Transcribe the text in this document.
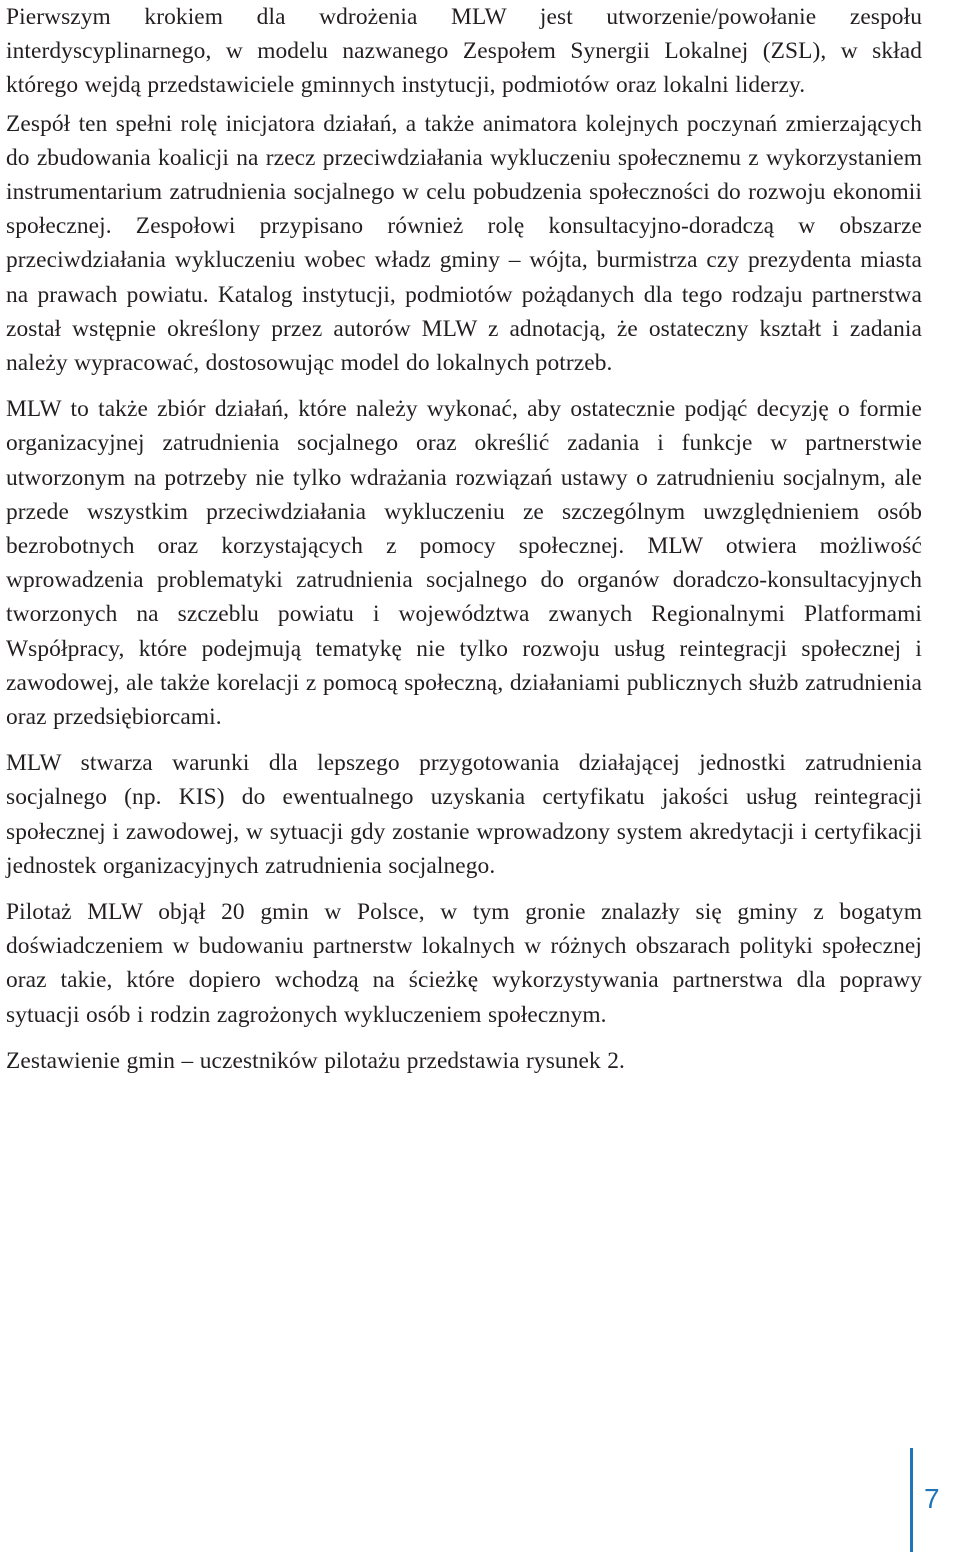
Pierwszym krokiem dla wdrożenia MLW jest utworzenie/powołanie zespołu interdyscyplinarnego, w modelu nazwanego Zespołem Synergii Lokalnej (ZSL), w skład którego wejdą przedstawiciele gminnych instytucji, podmiotów oraz lokalni liderzy.

Zespół ten spełni rolę inicjatora działań, a także animatora kolejnych poczynań zmierzających do zbudowania koalicji na rzecz przeciwdziałania wykluczeniu społecznemu z wykorzystaniem instrumentarium zatrudnienia socjalnego w celu pobudzenia społeczności do rozwoju ekonomii społecznej. Zespołowi przypisano również rolę konsultacyjno-doradczą w obszarze przeciwdziałania wykluczeniu wobec władz gminy – wójta, burmistrza czy prezydenta miasta na prawach powiatu. Katalog instytucji, podmiotów pożądanych dla tego rodzaju partnerstwa został wstępnie określony przez autorów MLW z adnotacją, że ostateczny kształt i zadania należy wypracować, dostosowując model do lokalnych potrzeb.

MLW to także zbiór działań, które należy wykonać, aby ostatecznie podjąć decyzję o formie organizacyjnej zatrudnienia socjalnego oraz określić zadania i funkcje w partnerstwie utworzonym na potrzeby nie tylko wdrażania rozwiązań ustawy o zatrudnieniu socjalnym, ale przede wszystkim przeciwdziałania wykluczeniu ze szczególnym uwzględnieniem osób bezrobotnych oraz korzystających z pomocy społecznej. MLW otwiera możliwość wprowadzenia problematyki zatrudnienia socjalnego do organów doradczo-konsultacyjnych tworzonych na szczeblu powiatu i województwa zwanych Regionalnymi Platformami Współpracy, które podejmują tematykę nie tylko rozwoju usług reintegracji społecznej i zawodowej, ale także korelacji z pomocą społeczną, działaniami publicznych służb zatrudnienia oraz przedsiębiorcami.

MLW stwarza warunki dla lepszego przygotowania działającej jednostki zatrudnienia socjalnego (np. KIS) do ewentualnego uzyskania certyfikatu jakości usług reintegracji społecznej i zawodowej, w sytuacji gdy zostanie wprowadzony system akredytacji i certyfikacji jednostek organizacyjnych zatrudnienia socjalnego.

Pilotaż MLW objął 20 gmin w Polsce, w tym gronie znalazły się gminy z bogatym doświadczeniem w budowaniu partnerstw lokalnych w różnych obszarach polityki społecznej oraz takie, które dopiero wchodzą na ścieżkę wykorzystywania partnerstwa dla poprawy sytuacji osób i rodzin zagrożonych wykluczeniem społecznym.

Zestawienie gmin – uczestników pilotażu przedstawia rysunek 2.

7
